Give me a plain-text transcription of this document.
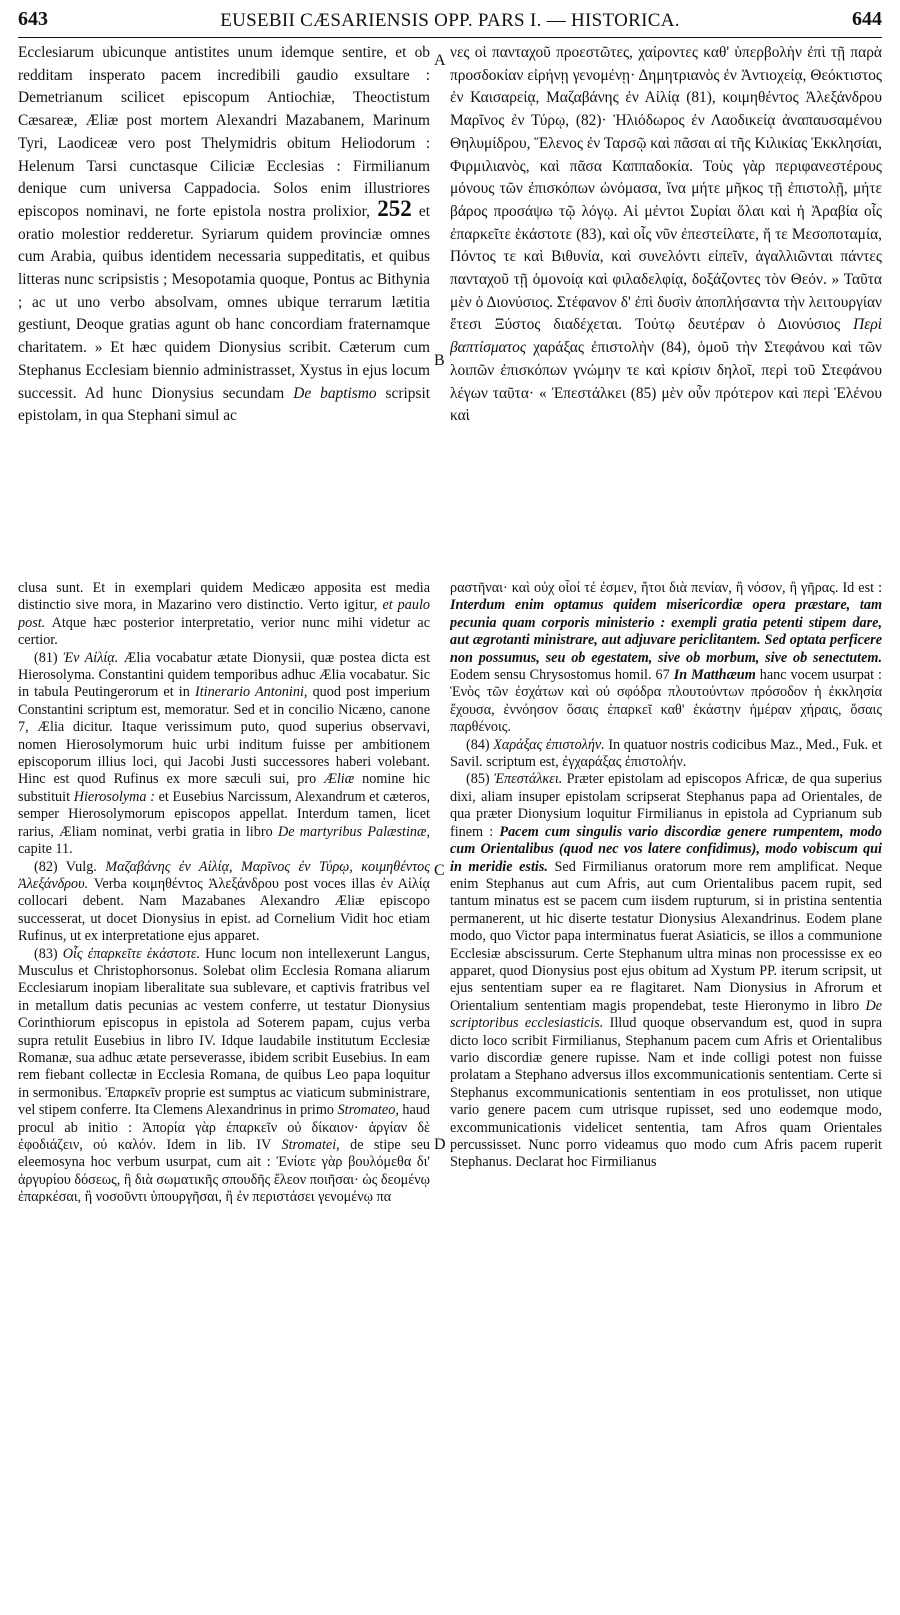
643	EUSEBII CÆSARIENSIS OPP. PARS I. — HISTORICA.	644
A
B
C
D

Ecclesiarum ubicunque antistites unum idemque sentire, et ob redditam insperato pacem incredibili gaudio exsultare : Demetrianum scilicet episcopum Antiochiæ, Theoctistum Cæsareæ, Æliæ post mortem Alexandri Mazabanem, Marinum Tyri, Laodiceæ vero post Thelymidris obitum Heliodorum : Helenum Tarsi cunctasque Ciliciæ Ecclesias : Firmilianum denique cum universa Cappadocia. Solos enim illustriores episcopos nominavi, ne forte epistola nostra prolixior, 252 et oratio molestior redderetur. Syriarum quidem provinciæ omnes cum Arabia, quibus identidem necessaria suppeditatis, et quibus litteras nunc scripsistis ; Mesopotamia quoque, Pontus ac Bithynia ; ac ut uno verbo absolvam, omnes ubique terrarum lætitia gestiunt, Deoque gratias agunt ob hanc concordiam fraternamque charitatem. » Et hæc quidem Dionysius scribit. Cæterum cum Stephanus Ecclesiam biennio administrasset, Xystus in ejus locum successit. Ad hunc Dionysius secundam De baptismo scripsit epistolam, in qua Stephani simul ac

νες οἱ πανταχοῦ προεστῶτες, χαίροντες καθ' ὑπερβολὴν ἐπὶ τῇ παρὰ προσδοκίαν εἰρήνῃ γενομένῃ· Δημητριανὸς ἐν Ἀντιοχείᾳ, Θεόκτιστος ἐν Καισαρείᾳ, Μαζαβάνης ἐν Αἰλίᾳ (81), κοιμηθέντος Ἀλεξάνδρου Μαρῖνος ἐν Τύρῳ, (82)· Ἡλιόδωρος ἐν Λαοδικείᾳ ἀναπαυσαμένου Θηλυμίδρου, Ἕλενος ἐν Ταρσῷ καὶ πᾶσαι αἱ τῆς Κιλικίας Ἐκκλησίαι, Φιρμιλιανὸς, καὶ πᾶσα Καππαδοκία. Τοὺς γὰρ περιφανεστέρους μόνους τῶν ἐπισκόπων ὠνόμασα, ἵνα μήτε μῆκος τῇ ἐπιστολῇ, μήτε βάρος προσάψω τῷ λόγῳ. Αἱ μέντοι Συρίαι ὅλαι καὶ ἡ Ἀραβία οἷς ἐπαρκεῖτε ἑκάστοτε (83), καὶ οἷς νῦν ἐπεστείλατε, ἥ τε Μεσοποταμία, Πόντος τε καὶ Βιθυνία, καὶ συνελόντι εἰπεῖν, ἀγαλλιῶνται πάντες πανταχοῦ τῇ ὁμονοίᾳ καὶ φιλαδελφίᾳ, δοξάζοντες τὸν Θεόν. » Ταῦτα μὲν ὁ Διονύσιος. Στέφανον δ' ἐπὶ δυσὶν ἀποπλήσαντα τὴν λειτουργίαν ἔτεσι Ξύστος διαδέχεται. Τούτῳ δευτέραν ὁ Διονύσιος Περὶ βαπτίσματος χαράξας ἐπιστολὴν (84), ὁμοῦ τὴν Στεφάνου καὶ τῶν λοιπῶν ἐπισκόπων γνώμην τε καὶ κρίσιν δηλοῖ, περὶ τοῦ Στεφάνου λέγων ταῦτα· « Ἐπεστάλκει (85) μὲν οὖν πρότερον καὶ περὶ Ἑλένου καὶ

clusa sunt. Et in exemplari quidem Medicæo apposita est media distinctio sive mora, in Mazarino vero distinctio. Verto igitur, et paulo post. Atque hæc posterior interpretatio, verior nunc mihi videtur ac certior.

(81) Ἐν Αἰλίᾳ. Ælia vocabatur ætate Dionysii, quæ postea dicta est Hierosolyma. Constantini quidem temporibus adhuc Ælia vocabatur. Sic in tabula Peutingerorum et in Itinerario Antonini, quod post imperium Constantini scriptum est, memoratur. Sed et in concilio Nicæno, canone 7, Ælia dicitur. Itaque verissimum puto, quod superius observavi, nomen Hierosolymorum huic urbi inditum fuisse per ambitionem episcoporum illius loci, qui Jacobi Justi successores haberi volebant. Hinc est quod Rufinus ex more sæculi sui, pro Æliæ nomine hic substituit Hierosolyma : et Eusebius Narcissum, Alexandrum et cæteros, semper Hierosolymorum episcopos appellat. Interdum tamen, licet rarius, Æliam nominat, verbi gratia in libro De martyribus Palæstinæ, capite 11.

(82) Vulg. Μαζαβάνης ἐν Αἰλίᾳ, Μαρῖνος ἐν Τύρῳ, κοιμηθέντος Ἀλεξάνδρου. Verba κοιμηθέντος Ἀλεξάνδρου post voces illas ἐν Αἰλίᾳ collocari debent. Nam Mazabanes Alexandro Æliæ episcopo successerat, ut docet Dionysius in epist. ad Cornelium Vidit hoc etiam Rufinus, ut ex interpretatione ejus apparet.

(83) Οἷς ἐπαρκεῖτε ἑκάστοτε. Hunc locum non intellexerunt Langus, Musculus et Christophorsonus. Solebat olim Ecclesia Romana aliarum Ecclesiarum inopiam liberalitate sua sublevare, et captivis fratribus vel in metallum datis pecunias ac vestem conferre, ut testatur Dionysius Corinthiorum episcopus in epistola ad Soterem papam, cujus verba supra retulit Eusebius in libro IV. Idque laudabile institutum Ecclesiæ Romanæ, sua adhuc ætate perseverasse, ibidem scribit Eusebius. In eam rem fiebant collectæ in Ecclesia Romana, de quibus Leo papa loquitur in sermonibus. Ἐπαρκεῖν proprie est sumptus ac viaticum subministrare, vel stipem conferre. Ita Clemens Alexandrinus in primo Stromateo, haud procul ab initio : Ἀπορία γὰρ ἐπαρκεῖν οὐ δίκαιον· ἀργίαν δὲ ἐφοδιάζειν, οὐ καλόν. Idem in lib. IV Stromatei, de stipe seu eleemosyna hoc verbum usurpat, cum ait : Ἐνίοτε γὰρ βουλόμεθα δι' ἀργυρίου δόσεως, ἢ διὰ σωματικῆς σπουδῆς ἔλεον ποιῆσαι· ὡς δεομένῳ ἐπαρκέσαι, ἢ νοσοῦντι ὑπουργῆσαι, ἢ ἐν περιστάσει γενομένῳ πα

ραστῆναι· καὶ οὐχ οἷοί τέ ἐσμεν, ἤτοι διὰ πενίαν, ἢ νόσον, ἢ γῆρας. Id est : Interdum enim optamus quidem misericordiæ opera præstare, tam pecunia quam corporis ministerio : exempli gratia petenti stipem dare, aut ægrotanti ministrare, aut adjuvare periclitantem. Sed optata perficere non possumus, seu ob egestatem, sive ob morbum, sive ob senectutem. Eodem sensu Chrysostomus homil. 67 In Matthæum hanc vocem usurpat : Ἑνὸς τῶν ἐσχάτων καὶ οὐ σφόδρα πλουτούντων πρόσοδον ἡ ἐκκλησία ἔχουσα, ἐννόησον ὅσαις ἐπαρκεῖ καθ' ἑκάστην ἡμέραν χήραις, ὅσαις παρθένοις.

(84) Χαράξας ἐπιστολήν. In quatuor nostris codicibus Maz., Med., Fuk. et Savil. scriptum est, ἐγχαράξας ἐπιστολήν.

(85) Ἐπεστάλκει. Præter epistolam ad episcopos Africæ, de qua superius dixi, aliam insuper epistolam scripserat Stephanus papa ad Orientales, de qua præter Dionysium loquitur Firmilianus in epistola ad Cyprianum sub finem : Pacem cum singulis vario discordiæ genere rumpentem, modo cum Orientalibus (quod nec vos latere confidimus), modo vobiscum qui in meridie estis. Sed Firmilianus oratorum more rem amplificat. Neque enim Stephanus aut cum Afris, aut cum Orientalibus pacem rupit, sed tantum minatus est se pacem cum iisdem rupturum, si in pristina sententia permanerent, ut hic diserte testatur Dionysius Alexandrinus. Eodem plane modo, quo Victor papa interminatus fuerat Asiaticis, se illos a communione Ecclesiæ abscissurum. Certe Stephanum ultra minas non processisse ex eo apparet, quod Dionysius post ejus obitum ad Xystum PP. iterum scripsit, ut ejus sententiam super ea re flagitaret. Nam Dionysius in Afrorum et Orientalium sententiam magis propendebat, teste Hieronymo in libro De scriptoribus ecclesiasticis. Illud quoque observandum est, quod in supra dicto loco scribit Firmilianus, Stephanum pacem cum Afris et Orientalibus vario discordiæ genere rupisse. Nam et inde colligi potest non fuisse prolatam a Stephano adversus illos excommunicationis sententiam. Certe si Stephanus excommunicationis sententiam in eos protulisset, non utique vario genere pacem cum utrisque rupisset, sed uno eodemque modo, excommunicationis videlicet sententia, tam Afros quam Orientales percussisset. Nunc porro videamus quo modo cum Afris pacem ruperit Stephanus. Declarat hoc Firmilianus
